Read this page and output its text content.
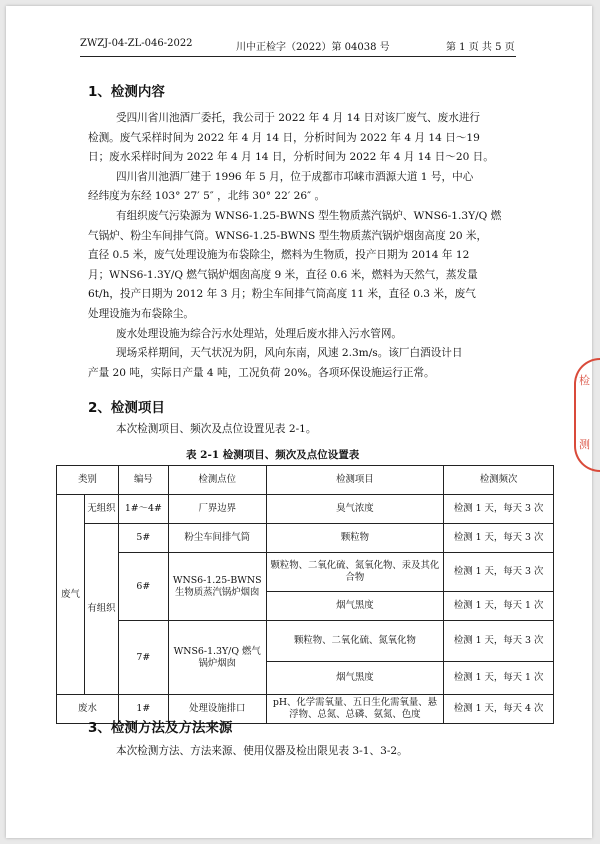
ZWZJ-04-ZL-046-2022	川中正检字（2022）第 04038 号	第 1 页 共 5 页
1、检测内容
受四川省川池酒厂委托，我公司于 2022 年 4 月 14 日对该厂废气、废水进行
检测。废气采样时间为 2022 年 4 月 14 日，分析时间为 2022 年 4 月 14 日～19
日；废水采样时间为 2022 年 4 月 14 日，分析时间为 2022 年 4 月 14 日～20 日。
四川省川池酒厂建于 1996 年 5 月，位于成都市邛崃市酒源大道 1 号，中心
经纬度为东经 103° 27′ 5″ ，北纬 30° 22′ 26″ 。
有组织废气污染源为 WNS6-1.25-BWNS 型生物质蒸汽锅炉、WNS6-1.3Y/Q 燃
气锅炉、粉尘车间排气筒。WNS6-1.25-BWNS 型生物质蒸汽锅炉烟囱高度 20 米，
直径 0.5 米，废气处理设施为布袋除尘，燃料为生物质，投产日期为 2014 年 12
月；WNS6-1.3Y/Q 燃气锅炉烟囱高度 9 米，直径 0.6 米，燃料为天然气，蒸发量
6t/h，投产日期为 2012 年 3 月；粉尘车间排气筒高度 11 米，直径 0.3 米，废气
处理设施为布袋除尘。
废水处理设施为综合污水处理站，处理后废水排入污水管网。
现场采样期间，天气状况为阴，风向东南，风速 2.3m/s。该厂白酒设计日
产量 20 吨，实际日产量 4 吨，工况负荷 20%。各项环保设施运行正常。
2、检测项目
本次检测项目、频次及点位设置见表 2-1。
表 2-1 检测项目、频次及点位设置表
类别		编号	检测点位	检测项目	检测频次
废气	无组织	1#～4#	厂界边界	臭气浓度	检测 1 天，每天 3 次
	有组织	5#	粉尘车间排气筒	颗粒物	检测 1 天，每天 3 次
		6#	WNS6-1.25-BWNS 生物质蒸汽锅炉烟囱	颗粒物、二氧化硫、氮氧化物、汞及其化合物	检测 1 天，每天 3 次
				烟气黑度	检测 1 天，每天 1 次
		7#	WNS6-1.3Y/Q 燃气锅炉烟囱	颗粒物、二氧化硫、氮氧化物	检测 1 天，每天 3 次
				烟气黑度	检测 1 天，每天 1 次
废水		1#	处理设施排口	pH、化学需氧量、五日生化需氧量、悬浮物、总氮、总磷、氨氮、色度	检测 1 天，每天 4 次
3、检测方法及方法来源
本次检测方法、方法来源、使用仪器及检出限见表 3-1、3-2。
检
测
